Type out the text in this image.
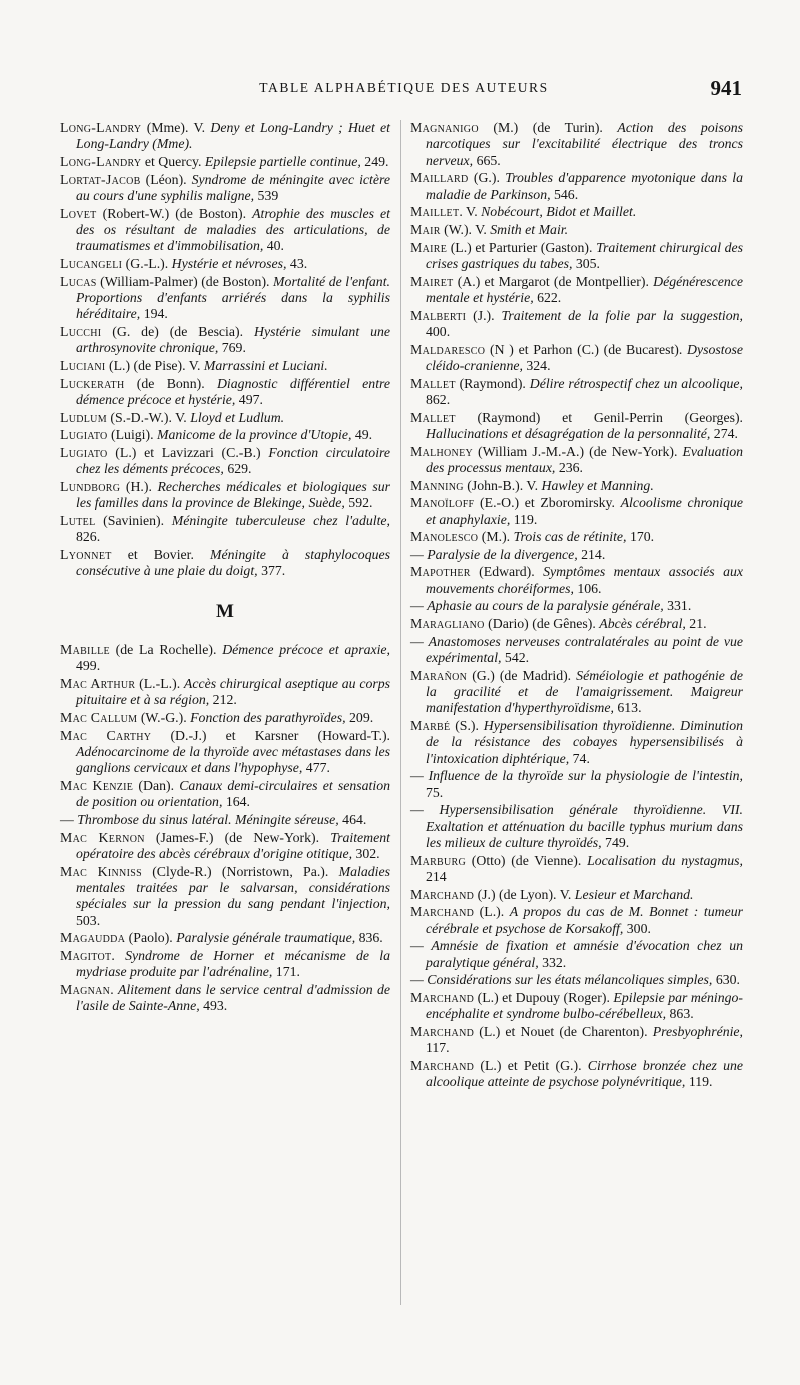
TABLE ALPHABÉTIQUE DES AUTEURS	941
Long-Landry (Mme). V. Deny et Long-Landry ; Huet et Long-Landry (Mme).
Long-Landry et Quercy. Epilepsie partielle continue, 249.
Lortat-Jacob (Léon). Syndrome de méningite avec ictère au cours d'une syphilis maligne, 539
Lovet (Robert-W.) (de Boston). Atrophie des muscles et des os résultant de maladies des articulations, de traumatismes et d'immobilisation, 40.
Lucangeli (G.-L.). Hystérie et névroses, 43.
Lucas (William-Palmer) (de Boston). Mortalité de l'enfant. Proportions d'enfants arriérés dans la syphilis héréditaire, 194.
Lucchi (G. de) (de Bescia). Hystérie simulant une arthrosynovite chronique, 769.
Luciani (L.) (de Pise). V. Marrassini et Luciani.
Luckerath (de Bonn). Diagnostic différentiel entre démence précoce et hystérie, 497.
Ludlum (S.-D.-W.). V. Lloyd et Ludlum.
Lugiato (Luigi). Manicome de la province d'Utopie, 49.
Lugiato (L.) et Lavizzari (C.-B.) Fonction circulatoire chez les déments précoces, 629.
Lundborg (H.). Recherches médicales et biologiques sur les familles dans la province de Blekinge, Suède, 592.
Lutel (Savinien). Méningite tuberculeuse chez l'adulte, 826.
Lyonnet et Bovier. Méningite à staphylocoques consécutive à une plaie du doigt, 377.
M
Mabille (de La Rochelle). Démence précoce et apraxie, 499.
Mac Arthur (L.-L.). Accès chirurgical aseptique au corps pituitaire et à sa région, 212.
Mac Callum (W.-G.). Fonction des parathyroïdes, 209.
Mac Carthy (D.-J.) et Karsner (Howard-T.). Adénocarcinome de la thyroïde avec métastases dans les ganglions cervicaux et dans l'hypophyse, 477.
Mac Kenzie (Dan). Canaux demi-circulaires et sensation de position ou orientation, 164.
— Thrombose du sinus latéral. Méningite séreuse, 464.
Mac Kernon (James-F.) (de New-York). Traitement opératoire des abcès cérébraux d'origine otitique, 302.
Mac Kinniss (Clyde-R.) (Norristown, Pa.). Maladies mentales traitées par le salvarsan, considérations spéciales sur la pression du sang pendant l'injection, 503.
Magaudda (Paolo). Paralysie générale traumatique, 836.
Magitot. Syndrome de Horner et mécanisme de la mydriase produite par l'adrénaline, 171.
Magnan. Alitement dans le service central d'admission de l'asile de Sainte-Anne, 493.
Magnanigo (M.) (de Turin). Action des poisons narcotiques sur l'excitabilité électrique des troncs nerveux, 665.
Maillard (G.). Troubles d'apparence myotonique dans la maladie de Parkinson, 546.
Maillet. V. Nobécourt, Bidot et Maillet.
Mair (W.). V. Smith et Mair.
Maire (L.) et Parturier (Gaston). Traitement chirurgical des crises gastriques du tabes, 305.
Mairet (A.) et Margarot (de Montpellier). Dégénérescence mentale et hystérie, 622.
Malberti (J.). Traitement de la folie par la suggestion, 400.
Maldaresco (N ) et Parhon (C.) (de Bucarest). Dysostose cléido-cranienne, 324.
Mallet (Raymond). Délire rétrospectif chez un alcoolique, 862.
Mallet (Raymond) et Genil-Perrin (Georges). Hallucinations et désagrégation de la personnalité, 274.
Malhoney (William J.-M.-A.) (de New-York). Evaluation des processus mentaux, 236.
Manning (John-B.). V. Hawley et Manning.
Manoïloff (E.-O.) et Zboromirsky. Alcoolisme chronique et anaphylaxie, 119.
Manolesco (M.). Trois cas de rétinite, 170.
— Paralysie de la divergence, 214.
Mapother (Edward). Symptômes mentaux associés aux mouvements choréiformes, 106.
— Aphasie au cours de la paralysie générale, 331.
Maragliano (Dario) (de Gênes). Abcès cérébral, 21.
— Anastomoses nerveuses contralatérales au point de vue expérimental, 542.
Marañon (G.) (de Madrid). Séméiologie et pathogénie de la gracilité et de l'amaigrissement. Maigreur manifestation d'hyperthyroïdisme, 613.
Marbé (S.). Hypersensibilisation thyroïdienne. Diminution de la résistance des cobayes hypersensibilisés à l'intoxication diphtérique, 74.
— Influence de la thyroïde sur la physiologie de l'intestin, 75.
— Hypersensibilisation générale thyroïdienne. VII. Exaltation et atténuation du bacille typhus murium dans les milieux de culture thyroïdés, 749.
Marburg (Otto) (de Vienne). Localisation du nystagmus, 214
Marchand (J.) (de Lyon). V. Lesieur et Marchand.
Marchand (L.). A propos du cas de M. Bonnet : tumeur cérébrale et psychose de Korsakoff, 300.
— Amnésie de fixation et amnésie d'évocation chez un paralytique général, 332.
— Considérations sur les états mélancoliques simples, 630.
Marchand (L.) et Dupouy (Roger). Epilepsie par méningo-encéphalite et syndrome bulbo-cérébelleux, 863.
Marchand (L.) et Nouet (de Charenton). Presbyophrénie, 117.
Marchand (L.) et Petit (G.). Cirrhose bronzée chez une alcoolique atteinte de psychose polynévritique, 119.
